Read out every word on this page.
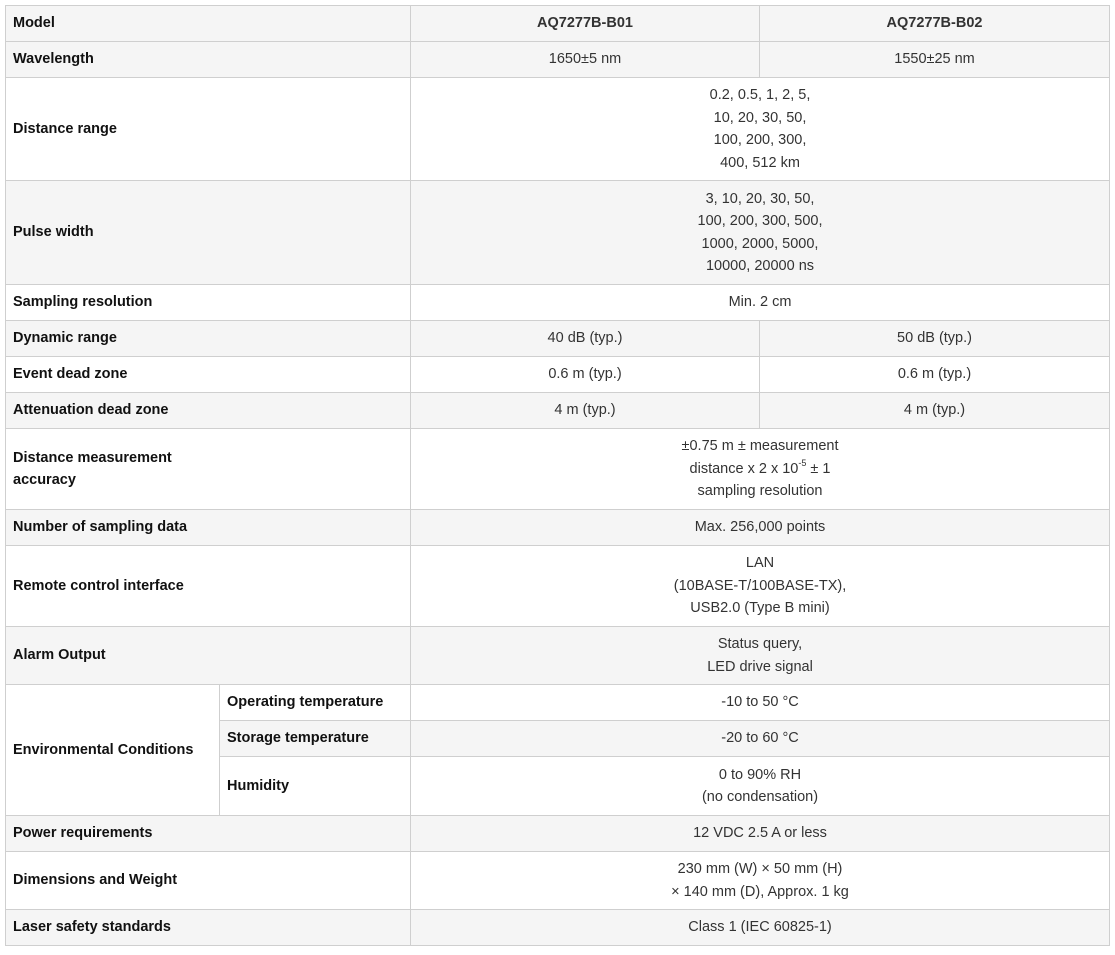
Model		AQ7277B-B01	AQ7277B-B02
Wavelength		1650±5 nm	1550±25 nm
Distance range		0.2, 0.5, 1, 2, 5,
10, 20, 30, 50,
100, 200, 300,
400, 512 km	

Pulse width		3, 10, 20, 30, 50,
100, 200, 300, 500,
1000, 2000, 5000,
10000, 20000 ns	

Sampling resolution		Min. 2 cm	
Dynamic range		40 dB (typ.)	50 dB (typ.)
Event dead zone		0.6 m (typ.)	0.6 m (typ.)
Attenuation dead zone		4 m (typ.)	4 m (typ.)

Distance measurement
accuracy		±0.75 m ± measurement
distance x 2 x $10^{-5} \pm 1$
sampling resolution	

Number of sampling data		Max. 256,000 points	
Remote control interface		LAN
(10BASE-T/100BASE-TX),
USB2.0 (Type B mini)	

Alarm Output		Status query,
LED drive signal	

Environmental Conditions	Operating temperature	-10 to 50 °C	
	Storage temperature	-20 to 60 °C	
	Humidity	0 to 90% RH
(no condensation)	

Power requirements		12 VDC 2.5 A or less	
Dimensions and Weight		230 mm (W) × 50 mm (H)
× 140 mm (D), Approx. 1 kg	

Laser safety standards		Class 1 (IEC 60825-1)	
